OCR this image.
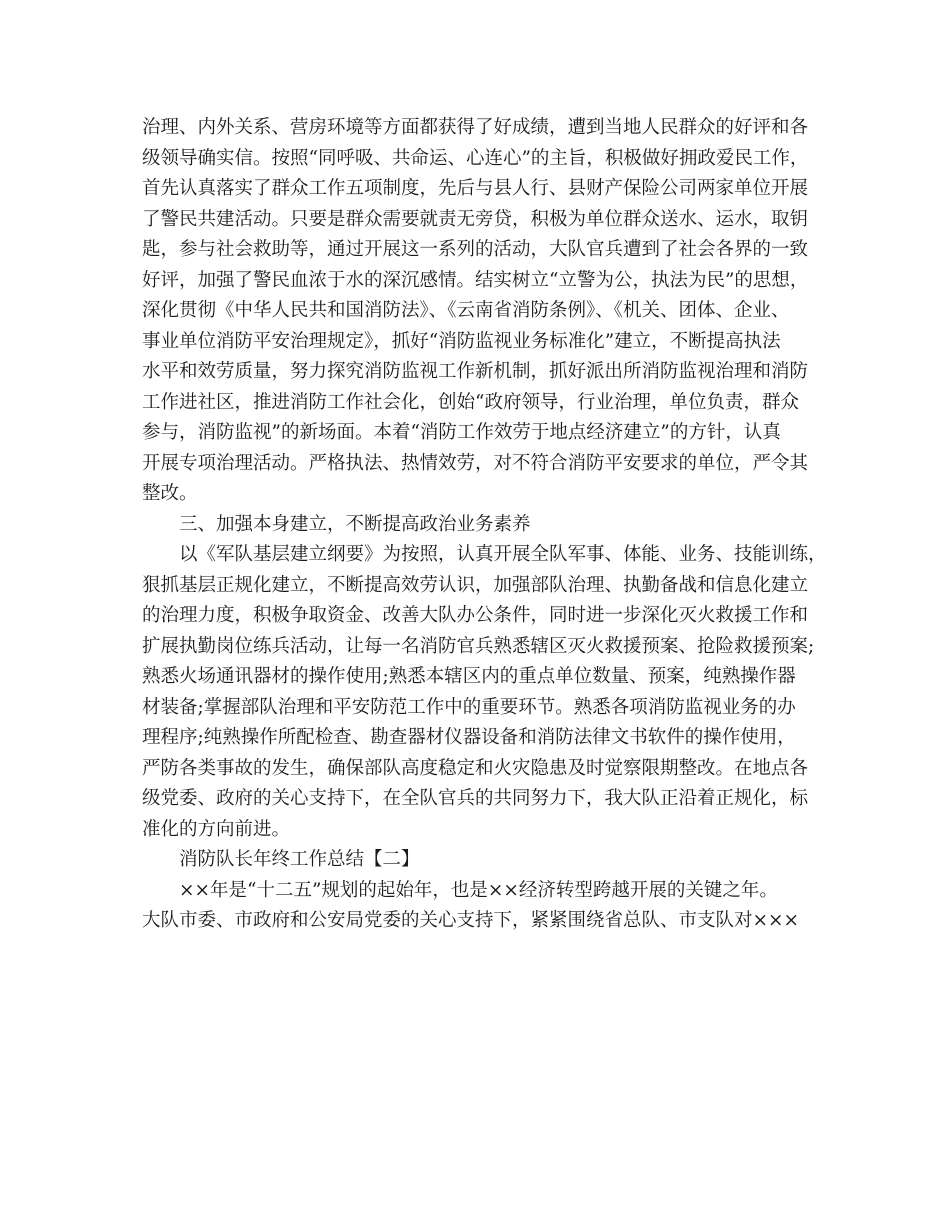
治理、内外关系、营房环境等方面都获得了好成绩，遭到当地人民群众的好评和各
级领导确实信。按照“同呼吸、共命运、心连心”的主旨，积极做好拥政爱民工作，
首先认真落实了群众工作五项制度，先后与县人行、县财产保险公司两家单位开展
了警民共建活动。只要是群众需要就责无旁贷，积极为单位群众送水、运水，取钥
匙，参与社会救助等，通过开展这一系列的活动，大队官兵遭到了社会各界的一致
好评，加强了警民血浓于水的深沉感情。结实树立“立警为公，执法为民”的思想，
深化贯彻《中华人民共和国消防法》、《云南省消防条例》、《机关、团体、企业、
事业单位消防平安治理规定》，抓好“消防监视业务标准化”建立，不断提高执法
水平和效劳质量，努力探究消防监视工作新机制，抓好派出所消防监视治理和消防
工作进社区，推进消防工作社会化，创始“政府领导，行业治理，单位负责，群众
参与，消防监视”的新场面。本着“消防工作效劳于地点经济建立”的方针，认真
开展专项治理活动。严格执法、热情效劳，对不符合消防平安要求的单位，严令其
整改。
三、加强本身建立，不断提高政治业务素养
以《军队基层建立纲要》为按照，认真开展全队军事、体能、业务、技能训练，
狠抓基层正规化建立，不断提高效劳认识，加强部队治理、执勤备战和信息化建立
的治理力度，积极争取资金、改善大队办公条件，同时进一步深化灭火救援工作和
扩展执勤岗位练兵活动，让每一名消防官兵熟悉辖区灭火救援预案、抢险救援预案;
熟悉火场通讯器材的操作使用;熟悉本辖区内的重点单位数量、预案，纯熟操作器
材装备;掌握部队治理和平安防范工作中的重要环节。熟悉各项消防监视业务的办
理程序;纯熟操作所配检查、勘查器材仪器设备和消防法律文书软件的操作使用，
严防各类事故的发生，确保部队高度稳定和火灾隐患及时觉察限期整改。在地点各
级党委、政府的关心支持下，在全队官兵的共同努力下，我大队正沿着正规化，标
准化的方向前进。
消防队长年终工作总结【二】
××年是“十二五”规划的起始年，也是××经济转型跨越开展的关键之年。
大队市委、市政府和公安局党委的关心支持下，紧紧围绕省总队、市支队对×××
